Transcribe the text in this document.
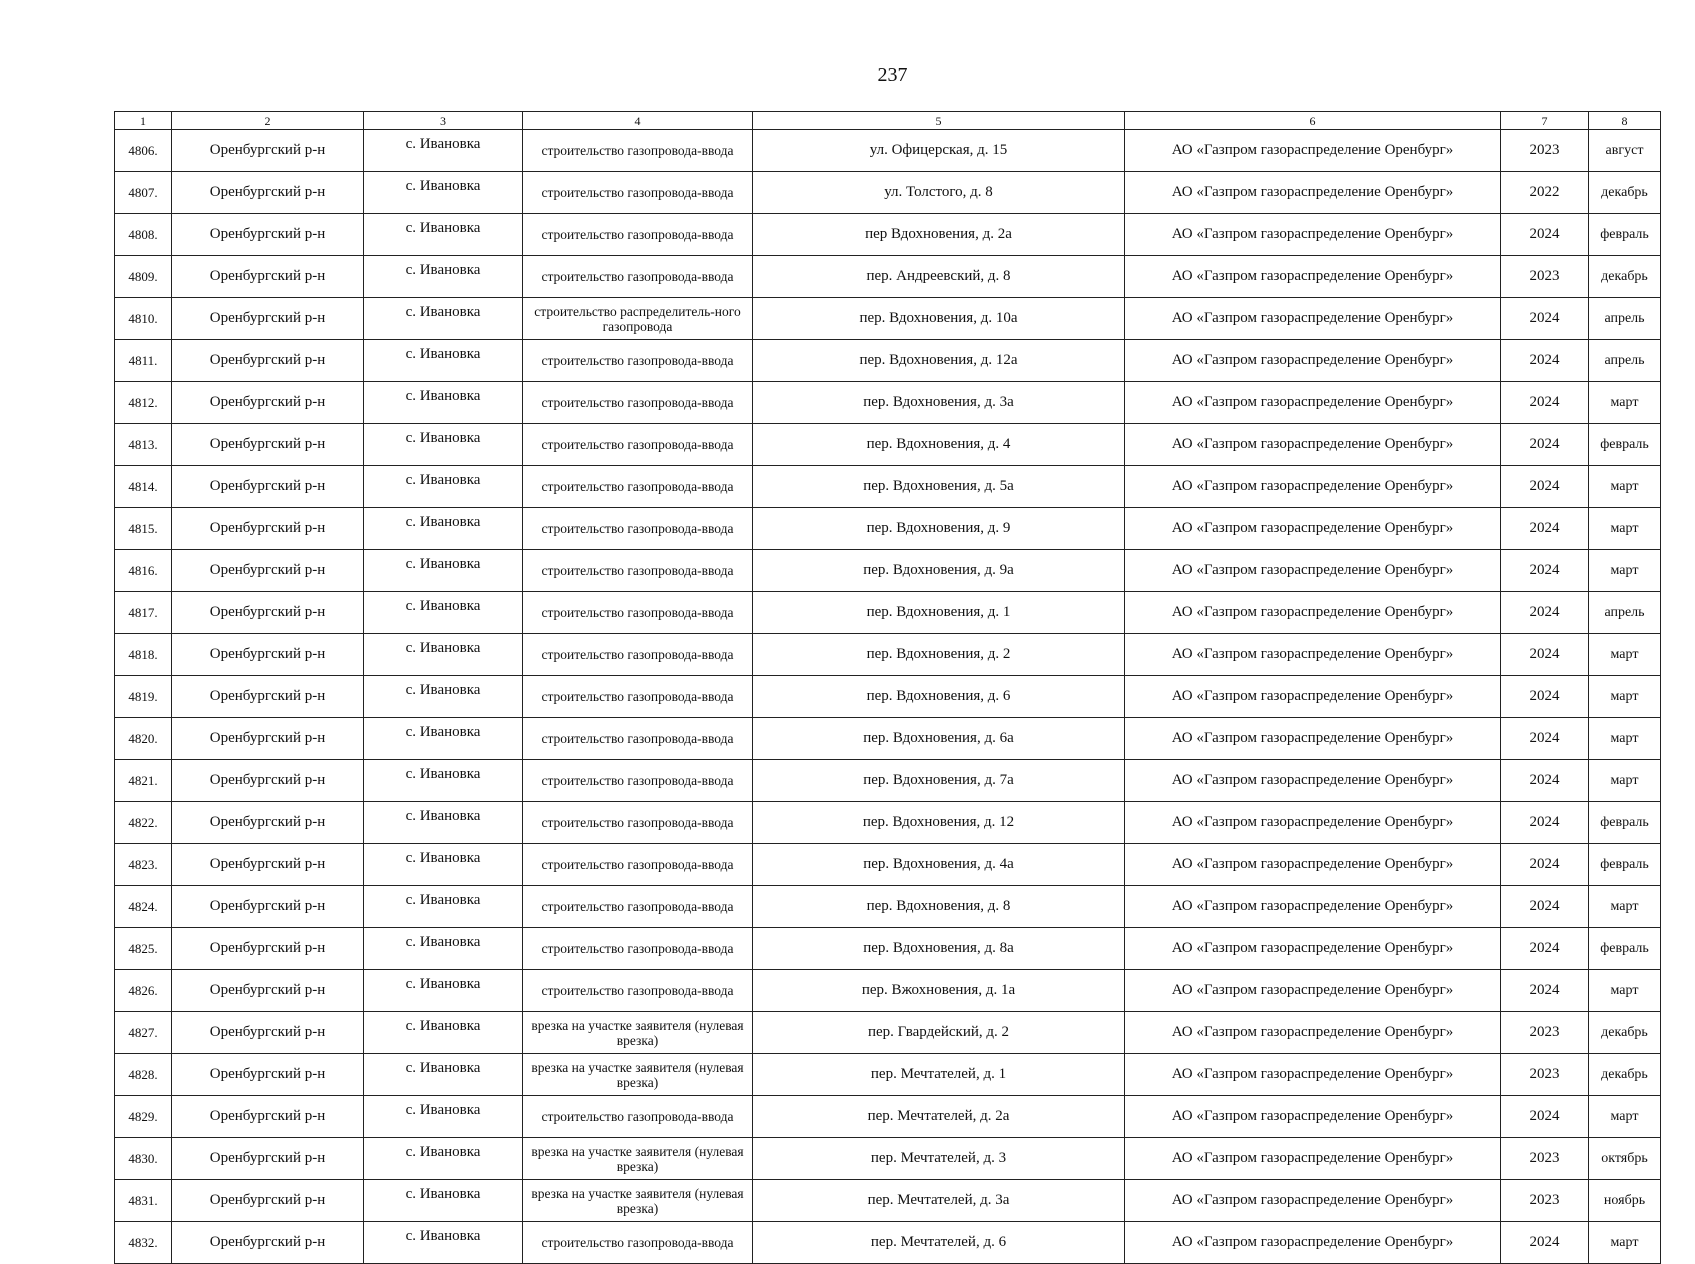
237
1	2	3	4	5	6	7	8
4806.	Оренбургский р-н	с. Ивановка	строительство газопровода-ввода	ул. Офицерская, д. 15	АО «Газпром газораспределение Оренбург»	2023	август
4807.	Оренбургский р-н	с. Ивановка	строительство газопровода-ввода	ул. Толстого, д. 8	АО «Газпром газораспределение Оренбург»	2022	декабрь
4808.	Оренбургский р-н	с. Ивановка	строительство газопровода-ввода	пер Вдохновения, д. 2а	АО «Газпром газораспределение Оренбург»	2024	февраль
4809.	Оренбургский р-н	с. Ивановка	строительство газопровода-ввода	пер. Андреевский, д. 8	АО «Газпром газораспределение Оренбург»	2023	декабрь
4810.	Оренбургский р-н	с. Ивановка	строительство распределитель-ного газопровода	пер. Вдохновения, д. 10а	АО «Газпром газораспределение Оренбург»	2024	апрель
4811.	Оренбургский р-н	с. Ивановка	строительство газопровода-ввода	пер. Вдохновения, д. 12а	АО «Газпром газораспределение Оренбург»	2024	апрель
4812.	Оренбургский р-н	с. Ивановка	строительство газопровода-ввода	пер. Вдохновения, д. 3а	АО «Газпром газораспределение Оренбург»	2024	март
4813.	Оренбургский р-н	с. Ивановка	строительство газопровода-ввода	пер. Вдохновения, д. 4	АО «Газпром газораспределение Оренбург»	2024	февраль
4814.	Оренбургский р-н	с. Ивановка	строительство газопровода-ввода	пер. Вдохновения, д. 5а	АО «Газпром газораспределение Оренбург»	2024	март
4815.	Оренбургский р-н	с. Ивановка	строительство газопровода-ввода	пер. Вдохновения, д. 9	АО «Газпром газораспределение Оренбург»	2024	март
4816.	Оренбургский р-н	с. Ивановка	строительство газопровода-ввода	пер. Вдохновения, д. 9а	АО «Газпром газораспределение Оренбург»	2024	март
4817.	Оренбургский р-н	с. Ивановка	строительство газопровода-ввода	пер. Вдохновения, д. 1	АО «Газпром газораспределение Оренбург»	2024	апрель
4818.	Оренбургский р-н	с. Ивановка	строительство газопровода-ввода	пер. Вдохновения, д. 2	АО «Газпром газораспределение Оренбург»	2024	март
4819.	Оренбургский р-н	с. Ивановка	строительство газопровода-ввода	пер. Вдохновения, д. 6	АО «Газпром газораспределение Оренбург»	2024	март
4820.	Оренбургский р-н	с. Ивановка	строительство газопровода-ввода	пер. Вдохновения, д. 6а	АО «Газпром газораспределение Оренбург»	2024	март
4821.	Оренбургский р-н	с. Ивановка	строительство газопровода-ввода	пер. Вдохновения, д. 7а	АО «Газпром газораспределение Оренбург»	2024	март
4822.	Оренбургский р-н	с. Ивановка	строительство газопровода-ввода	пер. Вдохновения, д. 12	АО «Газпром газораспределение Оренбург»	2024	февраль
4823.	Оренбургский р-н	с. Ивановка	строительство газопровода-ввода	пер. Вдохновения, д. 4а	АО «Газпром газораспределение Оренбург»	2024	февраль
4824.	Оренбургский р-н	с. Ивановка	строительство газопровода-ввода	пер. Вдохновения, д. 8	АО «Газпром газораспределение Оренбург»	2024	март
4825.	Оренбургский р-н	с. Ивановка	строительство газопровода-ввода	пер. Вдохновения, д. 8а	АО «Газпром газораспределение Оренбург»	2024	февраль
4826.	Оренбургский р-н	с. Ивановка	строительство газопровода-ввода	пер. Вжохновения, д. 1а	АО «Газпром газораспределение Оренбург»	2024	март
4827.	Оренбургский р-н	с. Ивановка	врезка на участке заявителя (нулевая врезка)	пер. Гвардейский, д. 2	АО «Газпром газораспределение Оренбург»	2023	декабрь
4828.	Оренбургский р-н	с. Ивановка	врезка на участке заявителя (нулевая врезка)	пер. Мечтателей, д. 1	АО «Газпром газораспределение Оренбург»	2023	декабрь
4829.	Оренбургский р-н	с. Ивановка	строительство газопровода-ввода	пер. Мечтателей, д. 2а	АО «Газпром газораспределение Оренбург»	2024	март
4830.	Оренбургский р-н	с. Ивановка	врезка на участке заявителя (нулевая врезка)	пер. Мечтателей, д. 3	АО «Газпром газораспределение Оренбург»	2023	октябрь
4831.	Оренбургский р-н	с. Ивановка	врезка на участке заявителя (нулевая врезка)	пер. Мечтателей, д. 3а	АО «Газпром газораспределение Оренбург»	2023	ноябрь
4832.	Оренбургский р-н	с. Ивановка	строительство газопровода-ввода	пер. Мечтателей, д. 6	АО «Газпром газораспределение Оренбург»	2024	март
